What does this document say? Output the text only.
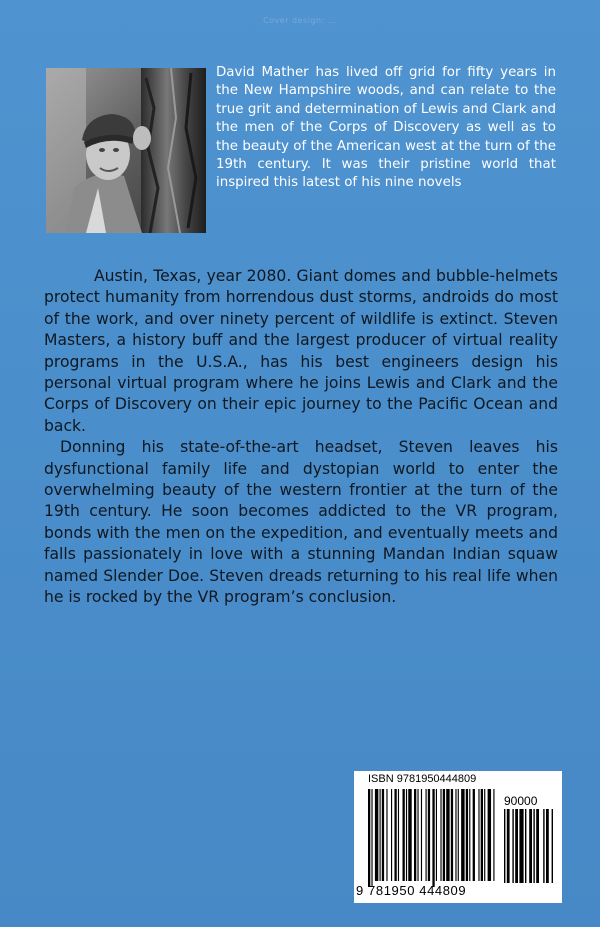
Cover design: ...

David Mather has lived off grid for fifty years in the New Hampshire woods, and can relate to the true grit and determination of Lewis and Clark and the men of the Corps of Discovery as well as to the beauty of the American west at the turn of the 19th century. It was their pristine world that inspired this latest of his nine novels

Austin, Texas, year 2080. Giant domes and bubble-helmets protect humanity from horrendous dust storms, androids do most of the work, and over ninety percent of wildlife is extinct. Steven Masters, a history buff and the largest producer of virtual reality programs in the U.S.A., has his best engineers design his personal virtual program where he joins Lewis and Clark and the Corps of Discovery on their epic journey to the Pacific Ocean and back.

Donning his state-of-the-art headset, Steven leaves his dysfunctional family life and dystopian world to enter the overwhelming beauty of the western frontier at the turn of the 19th century. He soon becomes addicted to the VR program, bonds with the men on the expedition, and eventually meets and falls passionately in love with a stunning Mandan Indian squaw named Slender Doe. Steven dreads returning to his real life when he is rocked by the VR program’s conclusion.

ISBN 9781950444809
90000
9 781950 444809
